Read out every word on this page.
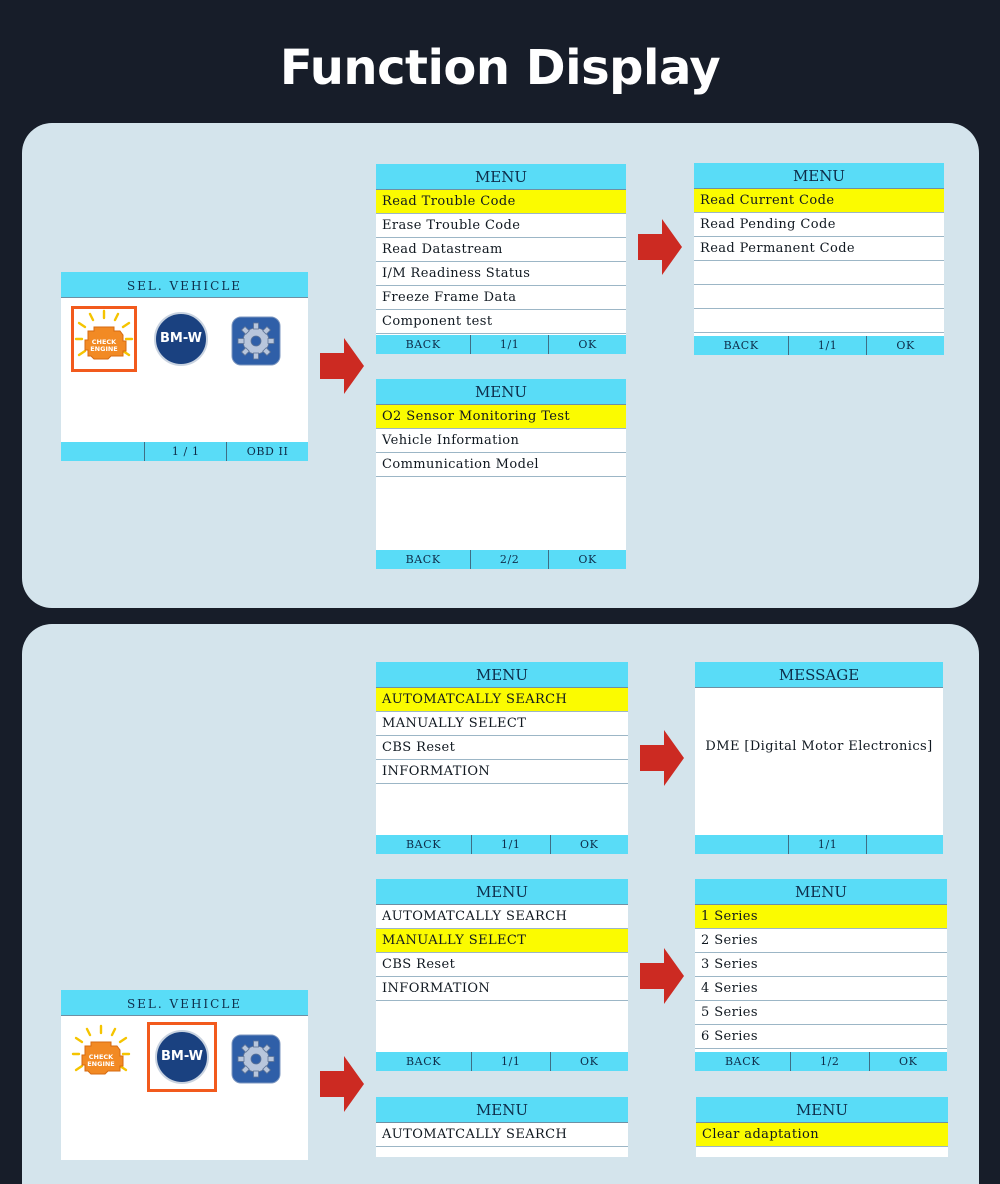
Function Display
SEL. VEHICLE
CHECK
ENGINE
BM-W
1 / 1	OBD II
MENU
Read Trouble Code
Erase Trouble Code
Read Datastream
I/M Readiness Status
Freeze Frame Data
Component test
BACK	1/1	OK
MENU
O2 Sensor Monitoring Test
Vehicle Information
Communication Model
BACK	2/2	OK
MENU
Read Current Code
Read Pending Code
Read Permanent Code
BACK	1/1	OK
SEL. VEHICLE
CHECK
ENGINE	BM-W
MENU
AUTOMATCALLY SEARCH
MANUALLY SELECT
CBS Reset
INFORMATION
BACK	1/1	OK
MESSAGE
DME [Digital Motor Electronics]
1/1
MENU
AUTOMATCALLY SEARCH
MANUALLY SELECT
CBS Reset
INFORMATION
BACK	1/1	OK
MENU
1 Series
2 Series
3 Series
4 Series
5 Series
6 Series
BACK	1/2	OK
MENU
AUTOMATCALLY SEARCH
MENU
Clear adaptation
